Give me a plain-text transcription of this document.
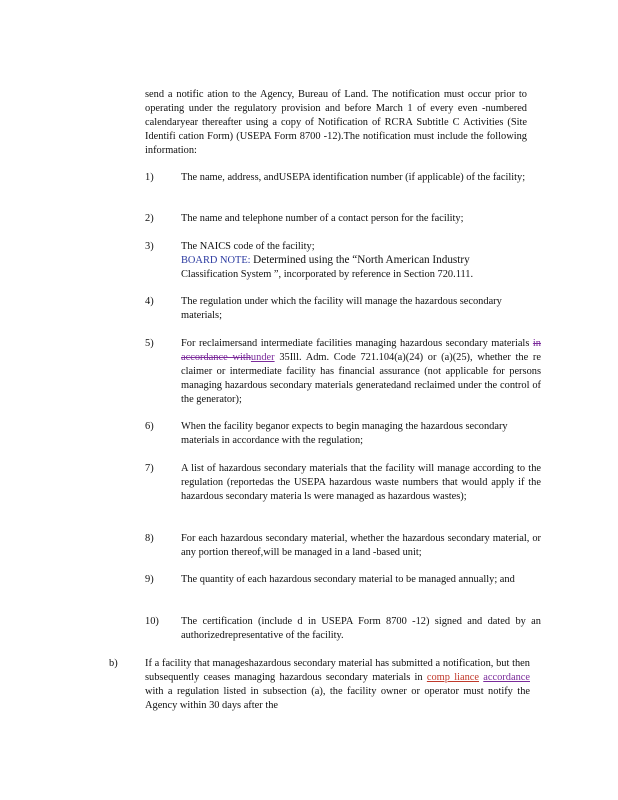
send a notific ation to the Agency, Bureau of Land. The notification must occur prior to operating under the regulatory provision and before March 1 of every even -numbered calendaryear thereafter using a copy of Notification of RCRA Subtitle C Activities (Site Identifi cation Form) (USEPA Form 8700 -12).The notification must include the following information:
1)	The name, address, andUSEPA identification number (if applicable) of the facility;
2)	The name and telephone number of a contact person for the facility;
3)	The NAICS code of the facility;
BOARD NOTE: Determined using the “North American Industry
Classification System ”, incorporated by reference in Section 720.111.
4)	The regulation under which the facility will manage the hazardous secondary materials;
5)	For reclaimersand intermediate facilities managing hazardous secondary materials in accordance withunder 35Ill. Adm. Code 721.104(a)(24) or (a)(25), whether the re claimer or intermediate facility has financial assurance (not applicable for persons managing hazardous secondary materials generatedand reclaimed under the control of the generator);
6)	When the facility beganor expects to begin managing the hazardous secondary materials in accordance with the regulation;
7)	A list of hazardous secondary materials that the facility will manage according to the regulation (reportedas the USEPA hazardous waste numbers that would apply if the hazardous secondary materia ls were managed as hazardous wastes);
8)	For each hazardous secondary material, whether the hazardous secondary material, or any portion thereof,will be managed in a land -based unit;
9)	The quantity of each hazardous secondary material to be managed annually; and
10) The certification (include d in USEPA Form 8700 -12) signed and dated by an authorizedrepresentative of the facility.
b)	If a facility that manageshazardous secondary material has submitted a notification, but then subsequently ceases managing hazardous secondary materials in comp liance accordance with a regulation listed in subsection (a), the facility owner or operator must notify the Agency within 30 days after the
